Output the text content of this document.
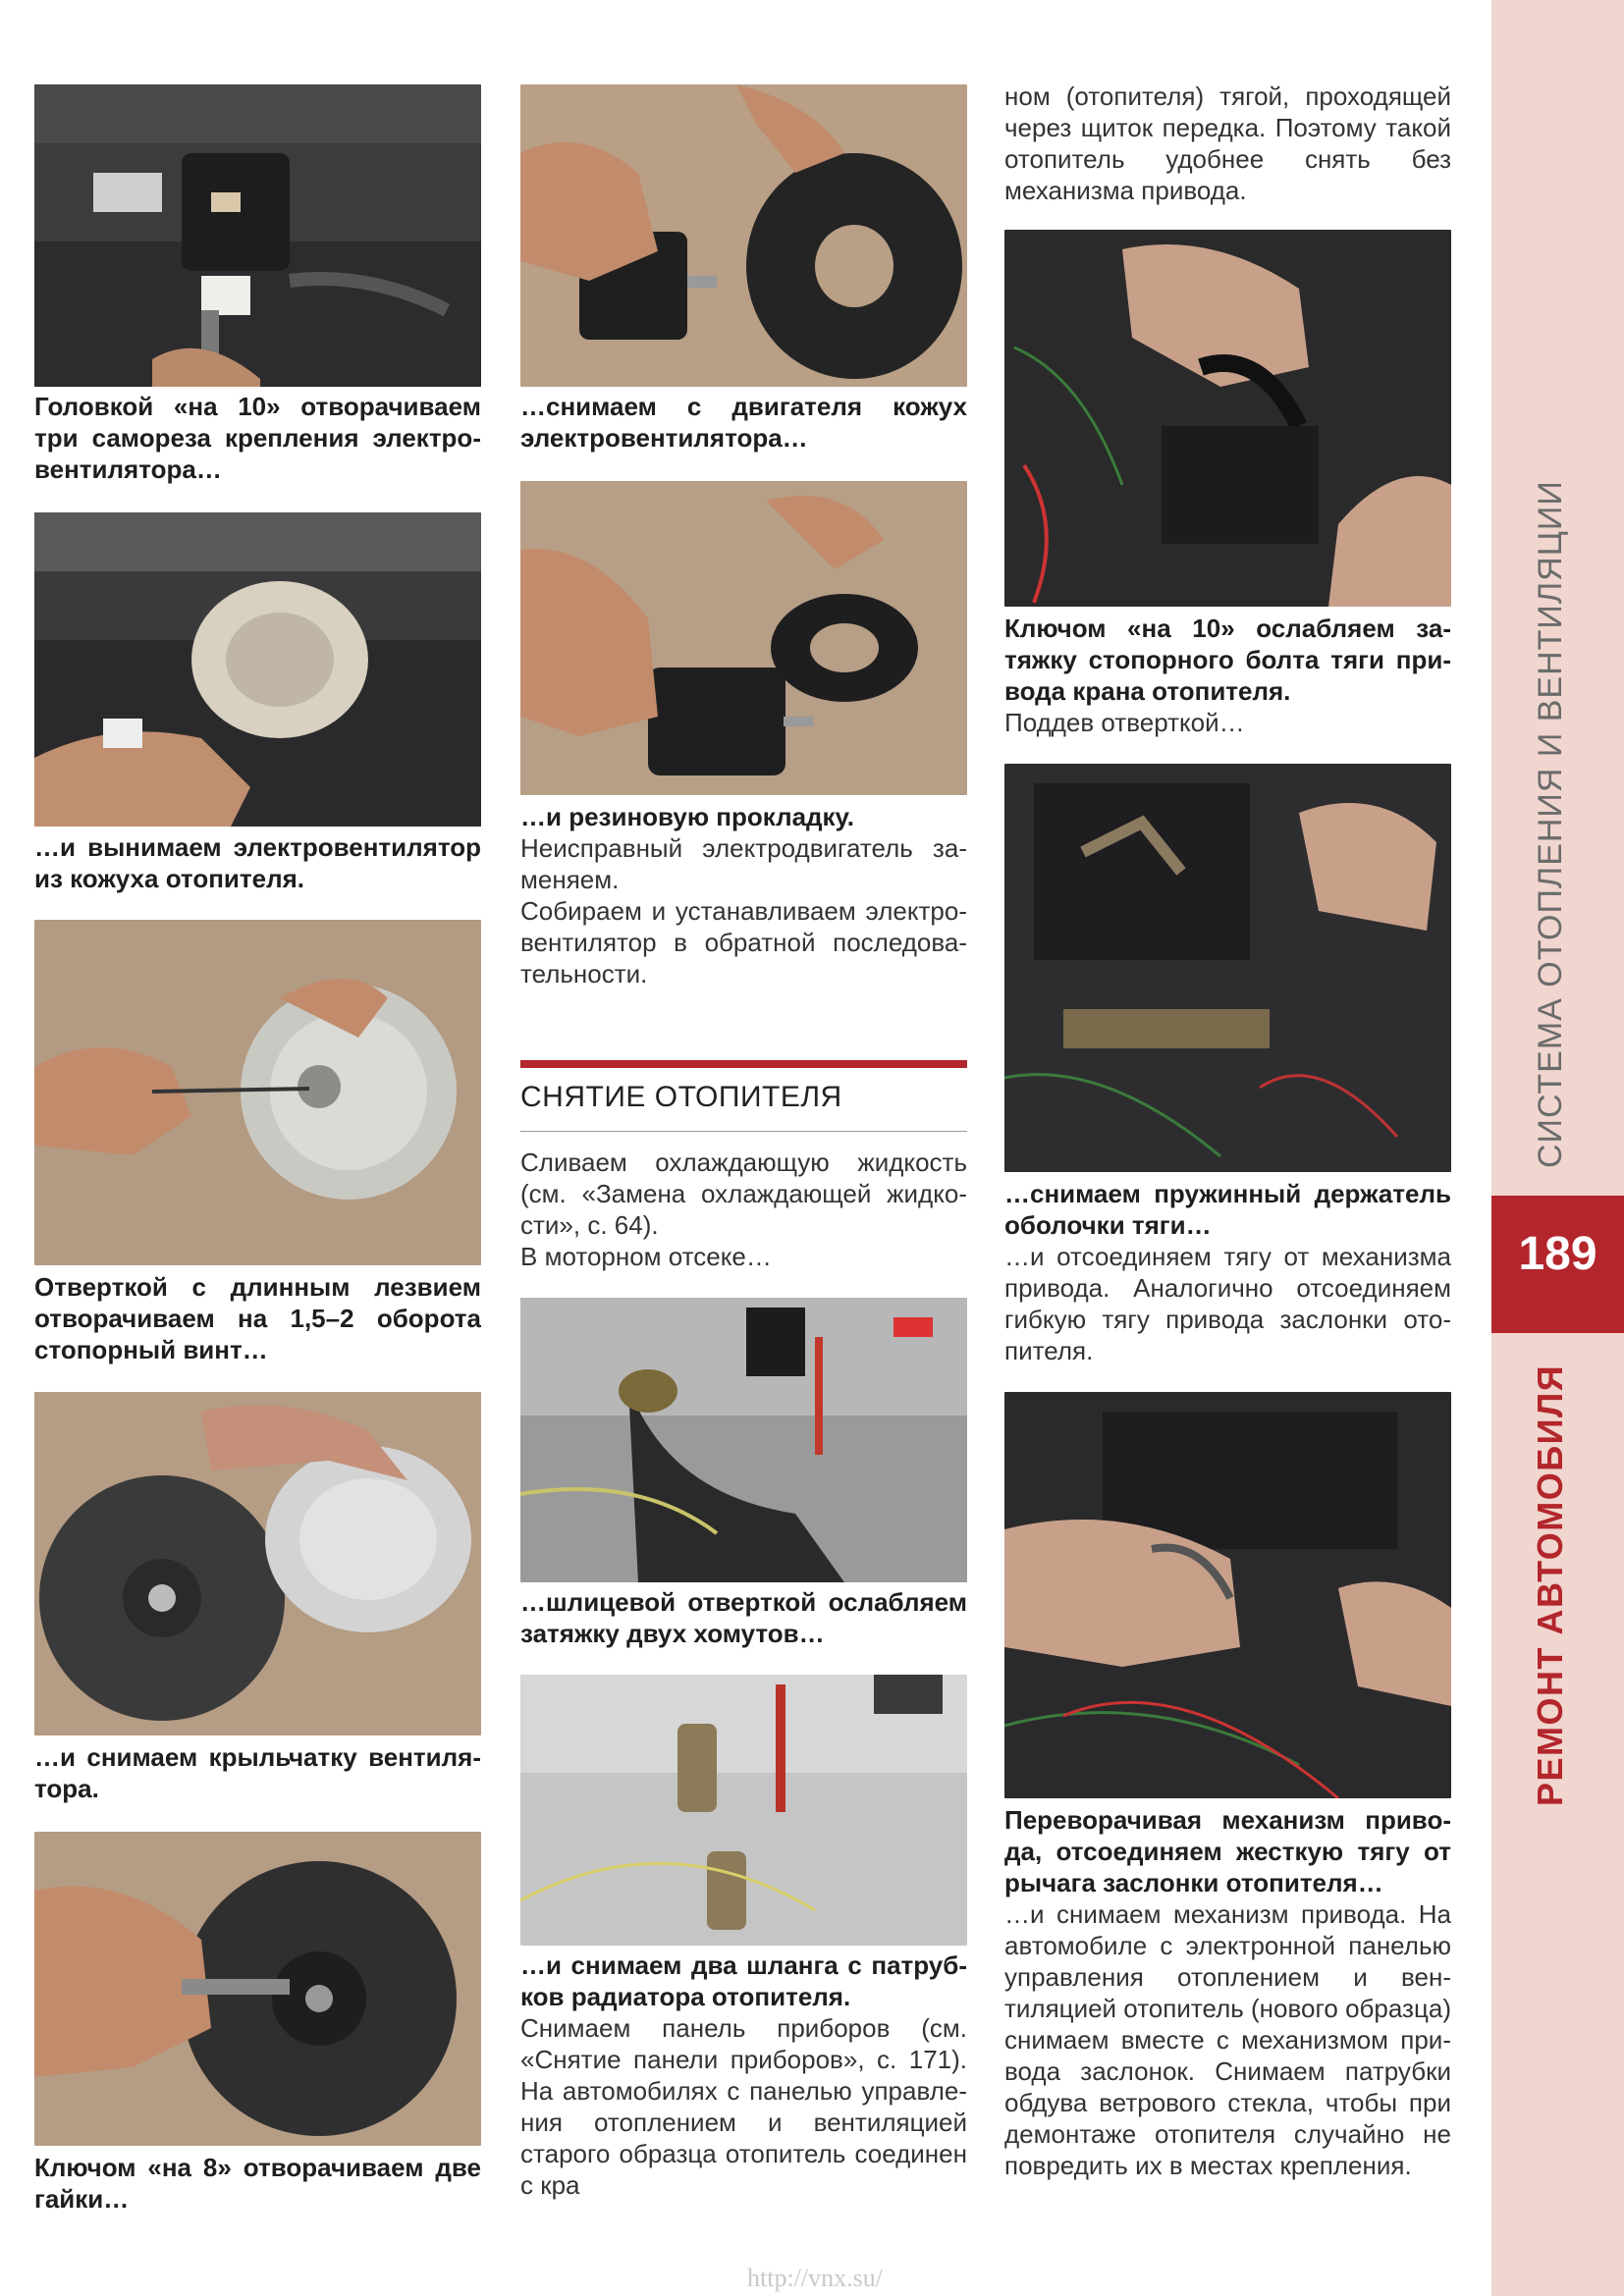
Головкой «на 10» отворачиваем три самореза крепления электровентилятора…
…и вынимаем электровентилятор из кожуха отопителя.
Отверткой с длинным лезвием отворачиваем на 1,5–2 оборота стопорный винт…
…и снимаем крыльчатку вентилятора.
Ключом «на 8» отворачиваем две гайки…
…снимаем с двигателя кожух электровентилятора…
…и резиновую прокладку.
Неисправный электродвигатель заменяем.
Собираем и устанавливаем электровентилятор в обратной последовательности.
СНЯТИЕ ОТОПИТЕЛЯ
Сливаем охлаждающую жидкость (см. «Замена охлаждающей жидкости», с. 64).
В моторном отсеке…
…шлицевой отверткой ослабляем затяжку двух хомутов…
…и снимаем два шланга с патрубков радиатора отопителя.
Снимаем панель приборов (см. «Снятие панели приборов», с. 171). На автомобилях с панелью управления отоплением и вентиляцией старого образца отопитель соединен с кра
ном (отопителя) тягой, проходящей через щиток передка. Поэтому такой отопитель удобнее снять без механизма привода.
Ключом «на 10» ослабляем затяжку стопорного болта тяги привода крана отопителя.
Поддев отверткой…
…снимаем пружинный держатель оболочки тяги…
…и отсоединяем тягу от механизма привода. Аналогично отсоединяем гибкую тягу привода заслонки отопителя.
Переворачивая механизм привода, отсоединяем жесткую тягу от рычага заслонки отопителя…
…и снимаем механизм привода. На автомобиле с электронной панелью управления отоплением и вентиляцией отопитель (нового образца) снимаем вместе с механизмом привода заслонок. Снимаем патрубки обдува ветрового стекла, чтобы при демонтаже отопителя случайно не повредить их в местах крепления.
СИСТЕМА ОТОПЛЕНИЯ И ВЕНТИЛЯЦИИ
189
РЕМОНТ АВТОМОБИЛЯ
http://vnx.su/
